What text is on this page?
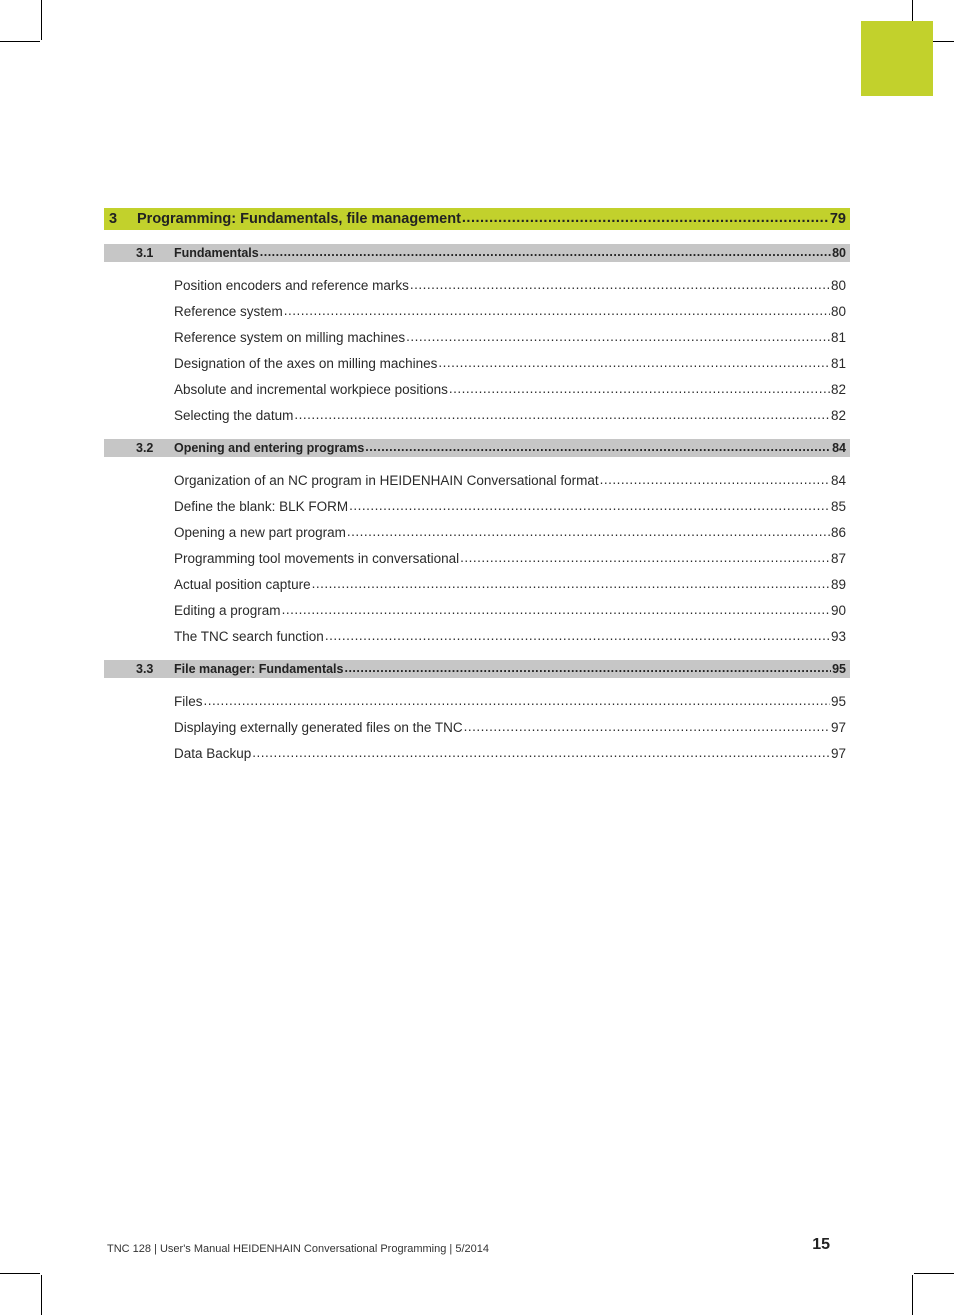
3	Programming: Fundamentals, file management .....	79
3.1	Fundamentals .....	80
Position encoders and reference marks .....	80
Reference system .....	80
Reference system on milling machines .....	81
Designation of the axes on milling machines .....	81
Absolute and incremental workpiece positions .....	82
Selecting the datum .....	82
3.2	Opening and entering programs .....	84
Organization of an NC program in HEIDENHAIN Conversational format .....	84
Define the blank: BLK FORM .....	85
Opening a new part program .....	86
Programming tool movements in conversational .....	87
Actual position capture .....	89
Editing a program .....	90
The TNC search function .....	93
3.3	File manager: Fundamentals .....	95
Files .....	95
Displaying externally generated files on the TNC .....	97
Data Backup .....	97
TNC 128 | User's Manual HEIDENHAIN Conversational Programming | 5/2014	15
